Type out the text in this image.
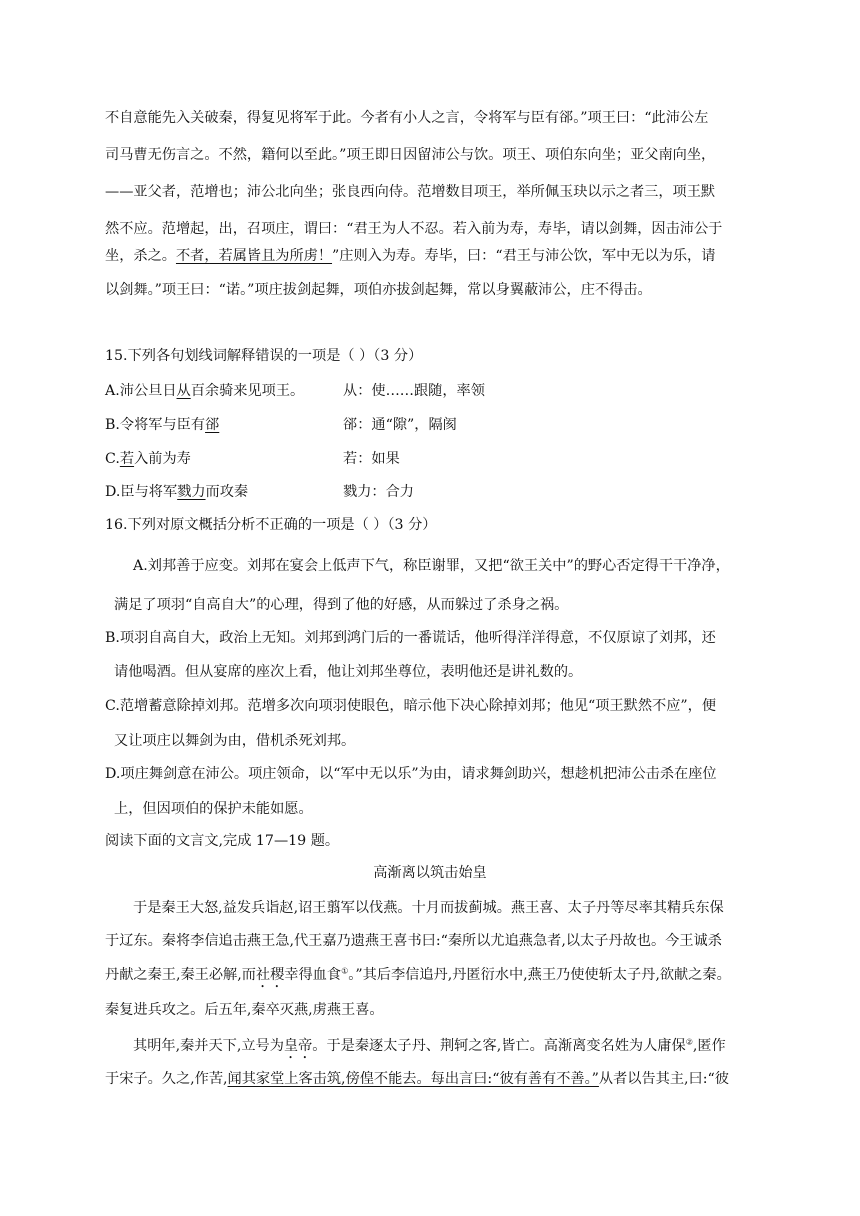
不自意能先入关破秦，得复见将军于此。今者有小人之言，令将军与臣有郤。”项王曰：“此沛公左
司马曹无伤言之。不然，籍何以至此。”项王即日因留沛公与饮。项王、项伯东向坐；亚父南向坐，
——亚父者，范增也；沛公北向坐；张良西向侍。范增数目项王，举所佩玉玦以示之者三，项王默
然不应。范增起，出，召项庄，谓曰：“君王为人不忍。若入前为寿，寿毕，请以剑舞，因击沛公于
坐，杀之。不者，若属皆且为所虏！”庄则入为寿。寿毕，曰：“君王与沛公饮，军中无以为乐，请
以剑舞。”项王曰：“诺。”项庄拔剑起舞，项伯亦拔剑起舞，常以身翼蔽沛公，庄不得击。
15.下列各句划线词解释错误的一项是（ ）（3 分）
A.沛公旦日从百余骑来见项王。	从：使……跟随，率领
B.令将军与臣有郤	郤：通“隙”，隔阂
C.若入前为寿	若：如果
D.臣与将军戮力而攻秦	戮力：合力
16.下列对原文概括分析不正确的一项是（ ）（3 分）
A.刘邦善于应变。刘邦在宴会上低声下气，称臣谢罪，又把“欲王关中”的野心否定得干干净净，
满足了项羽“自高自大”的心理，得到了他的好感，从而躲过了杀身之祸。
B.项羽自高自大，政治上无知。刘邦到鸿门后的一番谎话，他听得洋洋得意，不仅原谅了刘邦，还
请他喝酒。但从宴席的座次上看，他让刘邦坐尊位，表明他还是讲礼数的。
C.范增蓄意除掉刘邦。范增多次向项羽使眼色，暗示他下决心除掉刘邦；他见“项王默然不应”，便
又让项庄以舞剑为由，借机杀死刘邦。
D.项庄舞剑意在沛公。项庄领命，以“军中无以乐”为由，请求舞剑助兴，想趁机把沛公击杀在座位
上，但因项伯的保护未能如愿。
阅读下面的文言文,完成 17—19 题。
高渐离以筑击始皇
于是秦王大怒,益发兵诣赵,诏王翦军以伐燕。十月而拔蓟城。燕王喜、太子丹等尽率其精兵东保
于辽东。秦将李信追击燕王急,代王嘉乃遗燕王喜书曰:“秦所以尤追燕急者,以太子丹故也。今王诚杀
丹献之秦王,秦王必解,而社稷幸得血食①。”其后李信追丹,丹匿衍水中,燕王乃使使斩太子丹,欲献之秦。
秦复进兵攻之。后五年,秦卒灭燕,虏燕王喜。
其明年,秦并天下,立号为皇帝。于是秦逐太子丹、荆轲之客,皆亡。高渐离变名姓为人庸保②,匿作
于宋子。久之,作苦,闻其家堂上客击筑,傍偟不能去。每出言曰:“彼有善有不善。”从者以告其主,曰:“彼
